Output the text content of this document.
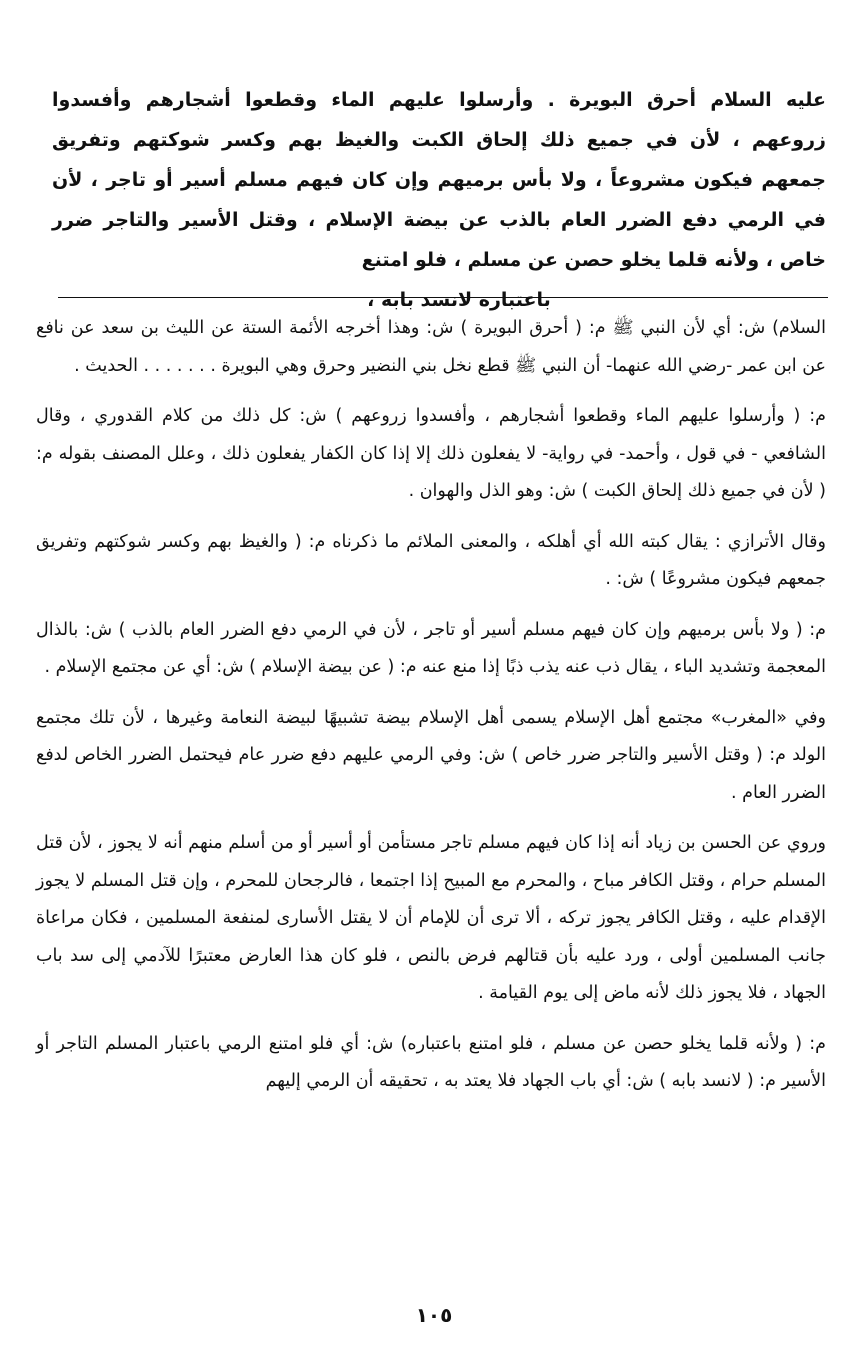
عليه السلام أحرق البويرة . وأرسلوا عليهم الماء وقطعوا أشجارهم وأفسدوا زروعهم ، لأن في جميع ذلك إلحاق الكبت والغيظ بهم وكسر شوكتهم وتفريق جمعهم فيكون مشروعاً ، ولا بأس برميهم وإن كان فيهم مسلم أسير أو تاجر ، لأن في الرمي دفع الضرر العام بالذب عن بيضة الإسلام ، وقتل الأسير والتاجر ضرر خاص ، ولأنه قلما يخلو حصن عن مسلم ، فلو امتنع
باعتباره لانسد بابه ،

السلام) ش: أي لأن النبي ﷺ م: ( أحرق البويرة ) ش: وهذا أخرجه الأئمة الستة عن الليث بن سعد عن نافع عن ابن عمر -رضي الله عنهما- أن النبي ﷺ قطع نخل بني النضير وحرق وهي البويرة . . . . . . . الحديث .

م: ( وأرسلوا عليهم الماء وقطعوا أشجارهم ، وأفسدوا زروعهم ) ش: كل ذلك من كلام القدوري ، وقال الشافعي - في قول ، وأحمد- في رواية- لا يفعلون ذلك إلا إذا كان الكفار يفعلون ذلك ، وعلل المصنف بقوله م: ( لأن في جميع ذلك إلحاق الكبت ) ش: وهو الذل والهوان .

وقال الأترازي : يقال كبته الله أي أهلكه ، والمعنى الملائم ما ذكرناه م: ( والغيظ بهم وكسر شوكتهم وتفريق جمعهم فيكون مشروعًا ) ش: .

م: ( ولا بأس برميهم وإن كان فيهم مسلم أسير أو تاجر ، لأن في الرمي دفع الضرر العام بالذب ) ش: بالذال المعجمة وتشديد الباء ، يقال ذب عنه يذب ذبًا إذا منع عنه م: ( عن بيضة الإسلام ) ش: أي عن مجتمع الإسلام .

وفي «المغرب» مجتمع أهل الإسلام يسمى أهل الإسلام بيضة تشبيهًا لبيضة النعامة وغيرها ، لأن تلك مجتمع الولد م: ( وقتل الأسير والتاجر ضرر خاص ) ش: وفي الرمي عليهم دفع ضرر عام فيحتمل الضرر الخاص لدفع الضرر العام .

وروي عن الحسن بن زياد أنه إذا كان فيهم مسلم تاجر مستأمن أو أسير أو من أسلم منهم أنه لا يجوز ، لأن قتل المسلم حرام ، وقتل الكافر مباح ، والمحرم مع المبيح إذا اجتمعا ، فالرجحان للمحرم ، وإن قتل المسلم لا يجوز الإقدام عليه ، وقتل الكافر يجوز تركه ، ألا ترى أن للإمام أن لا يقتل الأسارى لمنفعة المسلمين ، فكان مراعاة جانب المسلمين أولى ، ورد عليه بأن قتالهم فرض بالنص ، فلو كان هذا العارض معتبرًا للآدمي إلى سد باب الجهاد ، فلا يجوز ذلك لأنه ماض إلى يوم القيامة .

م: ( ولأنه قلما يخلو حصن عن مسلم ، فلو امتنع باعتباره) ش: أي فلو امتنع الرمي باعتبار المسلم التاجر أو الأسير م: ( لانسد بابه ) ش: أي باب الجهاد فلا يعتد به ، تحقيقه أن الرمي إليهم

١٠٥
